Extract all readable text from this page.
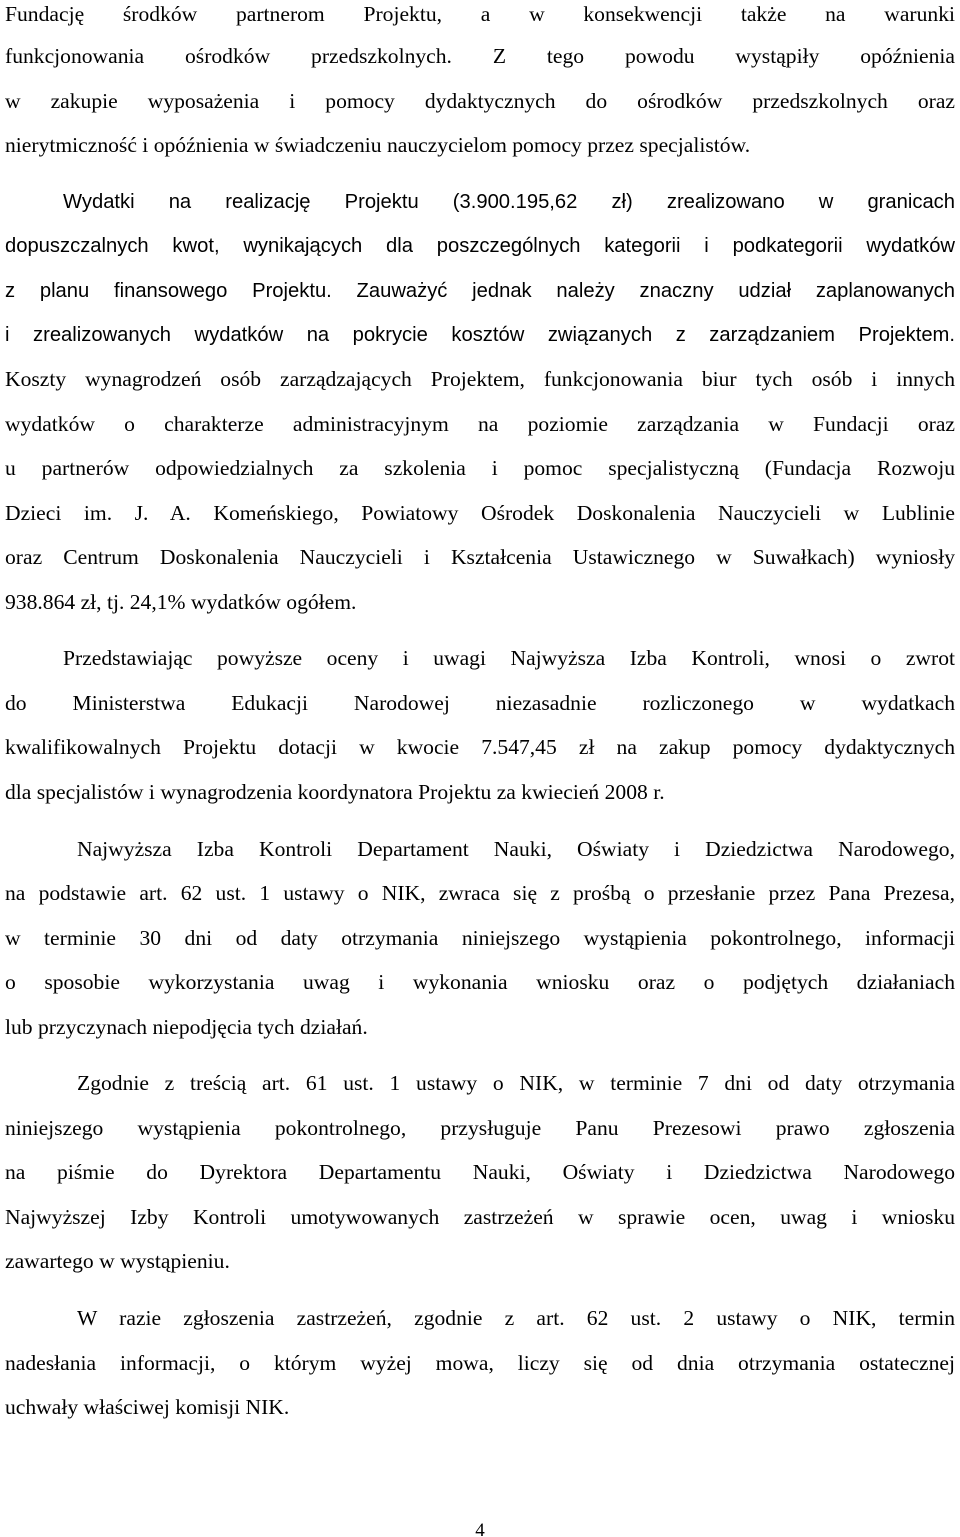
Fundację środków partnerom Projektu, a w konsekwencji także na warunki
funkcjonowania ośrodków przedszkolnych. Z tego powodu wystąpiły opóźnienia
w zakupie wyposażenia i pomocy dydaktycznych do ośrodków przedszkolnych oraz
nierytmiczność i opóźnienia w świadczeniu nauczycielom pomocy przez specjalistów.
Wydatki na realizację Projektu (3.900.195,62 zł) zrealizowano w granicach
dopuszczalnych kwot, wynikających dla poszczególnych kategorii i podkategorii wydatków
z planu finansowego Projektu. Zauważyć jednak należy znaczny udział zaplanowanych
i zrealizowanych wydatków na pokrycie kosztów związanych z zarządzaniem Projektem.
Koszty wynagrodzeń osób zarządzających Projektem, funkcjonowania biur tych osób i innych
wydatków o charakterze administracyjnym na poziomie zarządzania w Fundacji oraz
u partnerów odpowiedzialnych za szkolenia i pomoc specjalistyczną (Fundacja Rozwoju
Dzieci im. J. A. Komeńskiego, Powiatowy Ośrodek Doskonalenia Nauczycieli w Lublinie
oraz Centrum Doskonalenia Nauczycieli i Kształcenia Ustawicznego w Suwałkach) wyniosły
938.864 zł, tj. 24,1% wydatków ogółem.
Przedstawiając powyższe oceny i uwagi Najwyższa Izba Kontroli, wnosi o zwrot
do Ministerstwa Edukacji Narodowej niezasadnie rozliczonego w wydatkach
kwalifikowalnych Projektu dotacji w kwocie 7.547,45 zł na zakup pomocy dydaktycznych
dla specjalistów i wynagrodzenia koordynatora Projektu za kwiecień 2008 r.
Najwyższa Izba Kontroli Departament Nauki, Oświaty i Dziedzictwa Narodowego,
na podstawie art. 62 ust. 1 ustawy o NIK, zwraca się z prośbą o przesłanie przez Pana Prezesa,
w terminie 30 dni od daty otrzymania niniejszego wystąpienia pokontrolnego, informacji
o sposobie wykorzystania uwag i wykonania wniosku oraz o podjętych działaniach
lub przyczynach niepodjęcia tych działań.
Zgodnie z treścią art. 61 ust. 1 ustawy o NIK, w terminie 7 dni od daty otrzymania
niniejszego wystąpienia pokontrolnego, przysługuje Panu Prezesowi prawo zgłoszenia
na piśmie do Dyrektora Departamentu Nauki, Oświaty i Dziedzictwa Narodowego
Najwyższej Izby Kontroli umotywowanych zastrzeżeń w sprawie ocen, uwag i wniosku
zawartego w wystąpieniu.
W razie zgłoszenia zastrzeżeń, zgodnie z art. 62 ust. 2 ustawy o NIK, termin
nadesłania informacji, o którym wyżej mowa, liczy się od dnia otrzymania ostatecznej
uchwały właściwej komisji NIK.
4
